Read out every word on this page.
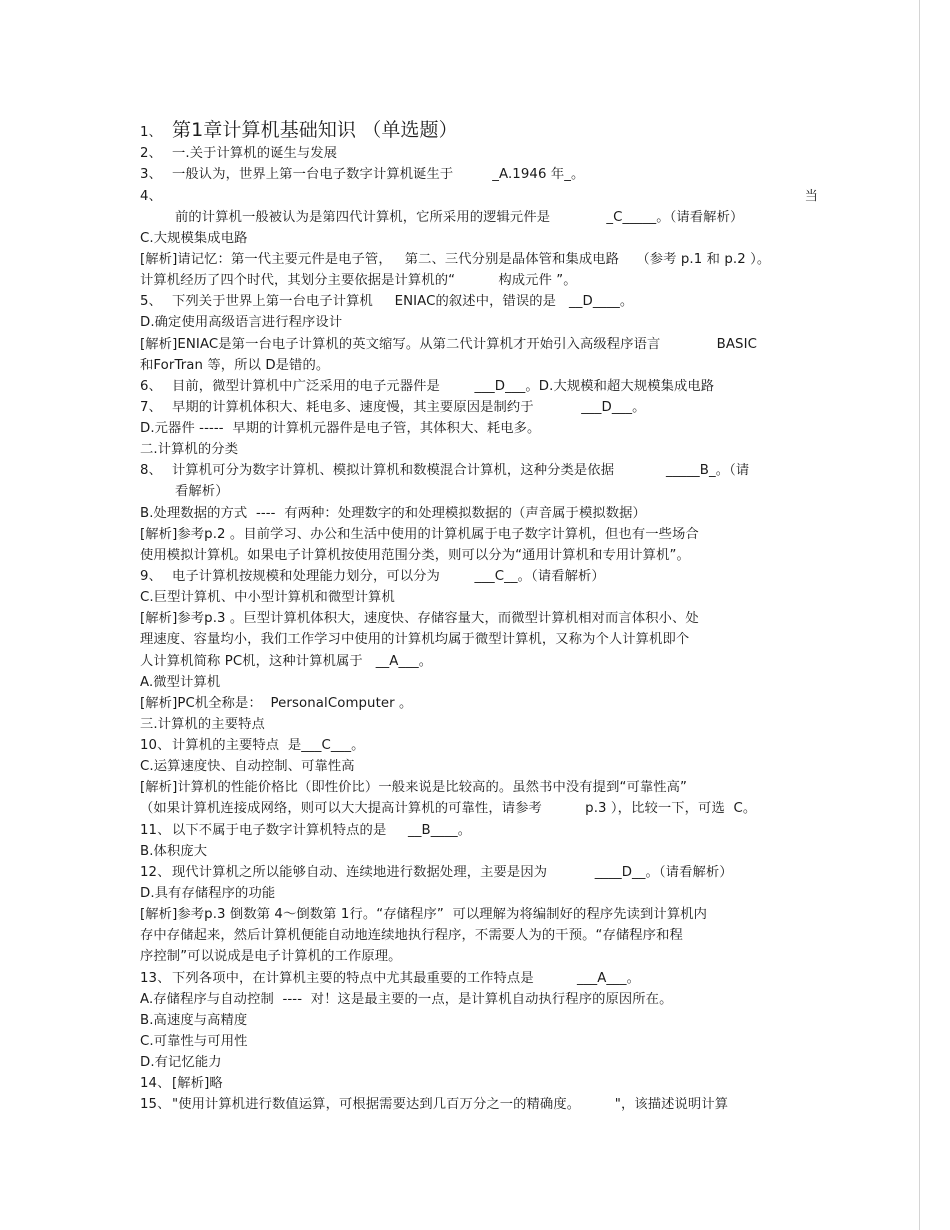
1、 第1章计算机基础知识 （单选题）
2、 一.关于计算机的诞生与发展
3、 一般认为，世界上第一台电子数字计算机诞生于         _A.1946 年_。
4、	当
前的计算机一般被认为是第四代计算机，它所采用的逻辑元件是             _C_____。（请看解析）
C.大规模集成电路
[解析]请记忆：第一代主要元件是电子管，   第二、三代分别是晶体管和集成电路    （参考 p.1 和 p.2 ）。
计算机经历了四个时代，其划分主要依据是计算机的“          构成元件 ”。
5、 下列关于世界上第一台电子计算机     ENIAC的叙述中，错误的是   __D____。
D.确定使用高级语言进行程序设计
[解析]ENIAC是第一台电子计算机的英文缩写。从第二代计算机才开始引入高级程序语言             BASIC
和ForTran 等，所以 D是错的。
6、 目前，微型计算机中广泛采用的电子元器件是        ___D___。D.大规模和超大规模集成电路
7、 早期的计算机体积大、耗电多、速度慢，其主要原因是制约于           ___D___。
D.元器件 -----  早期的计算机元器件是电子管，其体积大、耗电多。
二.计算机的分类
8、 计算机可分为数字计算机、模拟计算机和数模混合计算机，这种分类是依据            _____B_。（请
看解析）
B.处理数据的方式  ----  有两种：处理数字的和处理模拟数据的（声音属于模拟数据）
[解析]参考p.2 。目前学习、办公和生活中使用的计算机属于电子数字计算机，但也有一些场合
使用模拟计算机。如果电子计算机按使用范围分类，则可以分为“通用计算机和专用计算机”。
9、 电子计算机按规模和处理能力划分，可以分为        ___C__。（请看解析）
C.巨型计算机、中小型计算机和微型计算机
[解析]参考p.3 。巨型计算机体积大，速度快、存储容量大，而微型计算机相对而言体积小、处
理速度、容量均小，我们工作学习中使用的计算机均属于微型计算机，又称为个人计算机即个
人计算机简称 PC机，这种计算机属于   __A___。
A.微型计算机
[解析]PC机全称是：  PersonalComputer 。
三.计算机的主要特点
10、计算机的主要特点  是___C___。
C.运算速度快、自动控制、可靠性高
[解析]计算机的性能价格比（即性价比）一般来说是比较高的。虽然书中没有提到“可靠性高”
（如果计算机连接成网络，则可以大大提高计算机的可靠性，请参考          p.3 ），比较一下，可选  C。
11、以下不属于电子数字计算机特点的是     __B____。
B.体积庞大
12、现代计算机之所以能够自动、连续地进行数据处理，主要是因为           ____D__。（请看解析）
D.具有存储程序的功能
[解析]参考p.3 倒数第 4～倒数第 1行。“存储程序”  可以理解为将编制好的程序先读到计算机内
存中存储起来，然后计算机便能自动地连续地执行程序，不需要人为的干预。“存储程序和程
序控制”可以说成是电子计算机的工作原理。
13、下列各项中，在计算机主要的特点中尤其最重要的工作特点是          ___A___。
A.存储程序与自动控制  ----  对！这是最主要的一点，是计算机自动执行程序的原因所在。
B.高速度与高精度
C.可靠性与可用性
D.有记忆能力
14、[解析]略
15、"使用计算机进行数值运算，可根据需要达到几百万分之一的精确度。        "，该描述说明计算
